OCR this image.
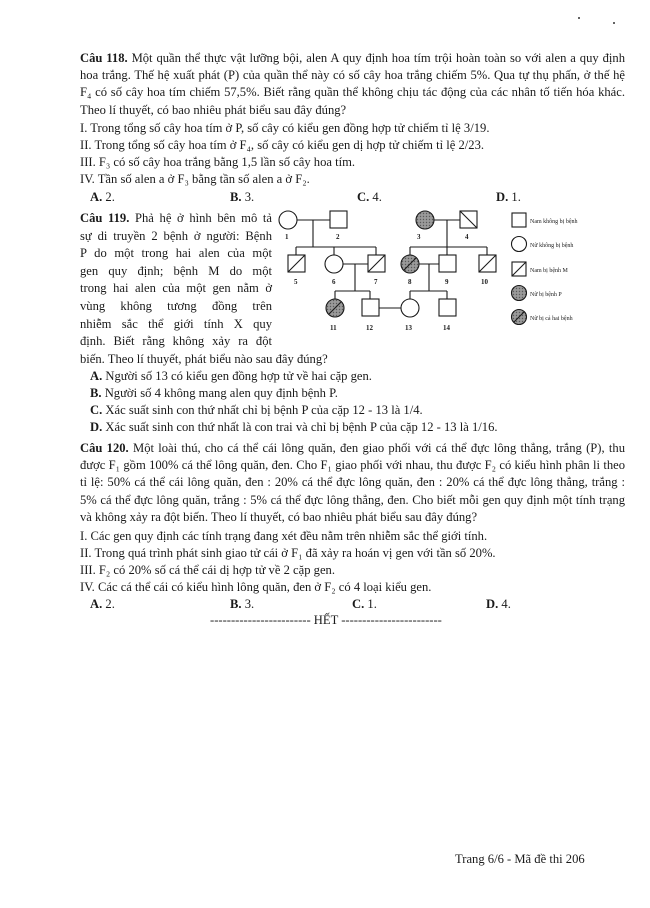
Câu 118. Một quần thể thực vật lưỡng bội, alen A quy định hoa tím trội hoàn toàn so với alen a quy định hoa trắng. Thế hệ xuất phát (P) của quần thể này có số cây hoa trắng chiếm 5%. Qua tự thụ phấn, ở thế hệ F₄ có số cây hoa tím chiếm 57,5%. Biết rằng quần thể không chịu tác động của các nhân tố tiến hóa khác. Theo lí thuyết, có bao nhiêu phát biểu sau đây đúng?

I. Trong tổng số cây hoa tím ở P, số cây có kiểu gen đồng hợp tử chiếm tỉ lệ 3/19.

II. Trong tổng số cây hoa tím ở F₄, số cây có kiểu gen dị hợp tử chiếm tỉ lệ 2/23.

III. F₃ có số cây hoa trắng bằng 1,5 lần số cây hoa tím.

IV. Tần số alen a ở F₃ bằng tần số alen a ở F₂.

A. 2.	B. 3.	C. 4.	D. 1.
Câu 119. Phả hệ ở hình bên mô tả
sự di truyền 2 bệnh ở người: Bệnh
P do một trong hai alen của một
gen quy định; bệnh M do một
trong hai alen của một gen nằm ở
vùng không tương đồng trên
nhiễm sắc thể giới tính X quy
định. Biết rằng không xảy ra đột
1	2	3	4
5	6	7	8	9	10
11	12	13	14
Nam không bị bệnh
Nữ không bị bệnh
Nam bị bệnh M
Nữ bị bệnh P
Nữ bị cả hai bệnh

biến. Theo lí thuyết, phát biểu nào sau đây đúng?

A. Người số 13 có kiểu gen đồng hợp tử về hai cặp gen.

B. Người số 4 không mang alen quy định bệnh P.

C. Xác suất sinh con thứ nhất chỉ bị bệnh P của cặp 12 - 13 là 1/4.

D. Xác suất sinh con thứ nhất là con trai và chỉ bị bệnh P của cặp 12 - 13 là 1/16.

Câu 120. Một loài thú, cho cá thể cái lông quăn, đen giao phối với cá thể đực lông thẳng, trắng (P), thu được F₁ gồm 100% cá thể lông quăn, đen. Cho F₁ giao phối với nhau, thu được F₂ có kiểu hình phân li theo tỉ lệ: 50% cá thể cái lông quăn, đen : 20% cá thể đực lông quăn, đen : 20% cá thể đực lông thẳng, trắng : 5% cá thể đực lông quăn, trắng : 5% cá thể đực lông thẳng, đen. Cho biết mỗi gen quy định một tính trạng và không xảy ra đột biến. Theo lí thuyết, có bao nhiêu phát biểu sau đây đúng?

I. Các gen quy định các tính trạng đang xét đều nằm trên nhiễm sắc thể giới tính.

II. Trong quá trình phát sinh giao tử cái ở F₁ đã xảy ra hoán vị gen với tần số 20%.

III. F₂ có 20% số cá thể cái dị hợp tử về 2 cặp gen.

IV. Các cá thể cái có kiểu hình lông quăn, đen ở F₂ có 4 loại kiểu gen.

A. 2.	B. 3.	C. 1.	D. 4.
------------------------ HẾT ------------------------
Trang 6/6 - Mã đề thi 206
